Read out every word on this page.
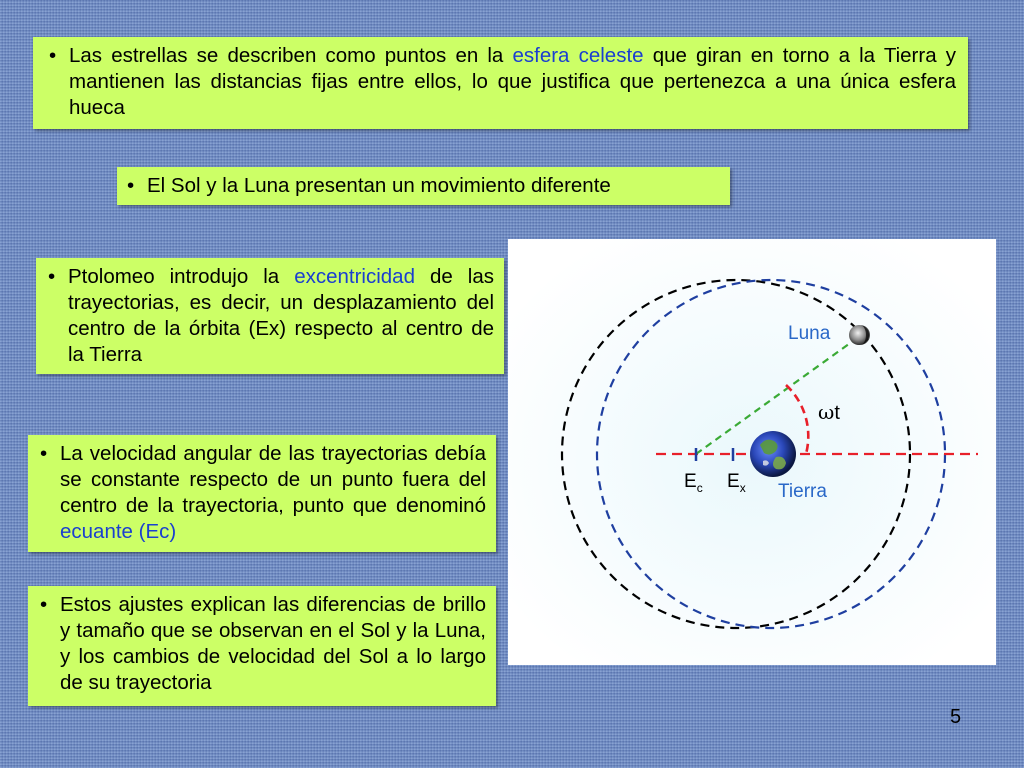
• Las estrellas se describen como puntos en la esfera celeste que giran en torno a la Tierra y mantienen las distancias fijas entre ellos, lo que justifica que pertenezca a una única esfera hueca
• El Sol y la Luna presentan un movimiento diferente
• Ptolomeo introdujo la excentricidad de las trayectorias, es decir, un desplazamiento del centro de la órbita (Ex) respecto al centro de la Tierra
• La velocidad angular de las trayectorias debía se constante respecto de un punto fuera del centro de la trayectoria, punto que denominó ecuante (Ec)
• Estos ajustes explican las diferencias de brillo y tamaño que se observan en el Sol y la Luna, y los cambios de velocidad del Sol a lo largo de su trayectoria
Luna
Tierra
ωt
$E_c$ $E_x$
5
